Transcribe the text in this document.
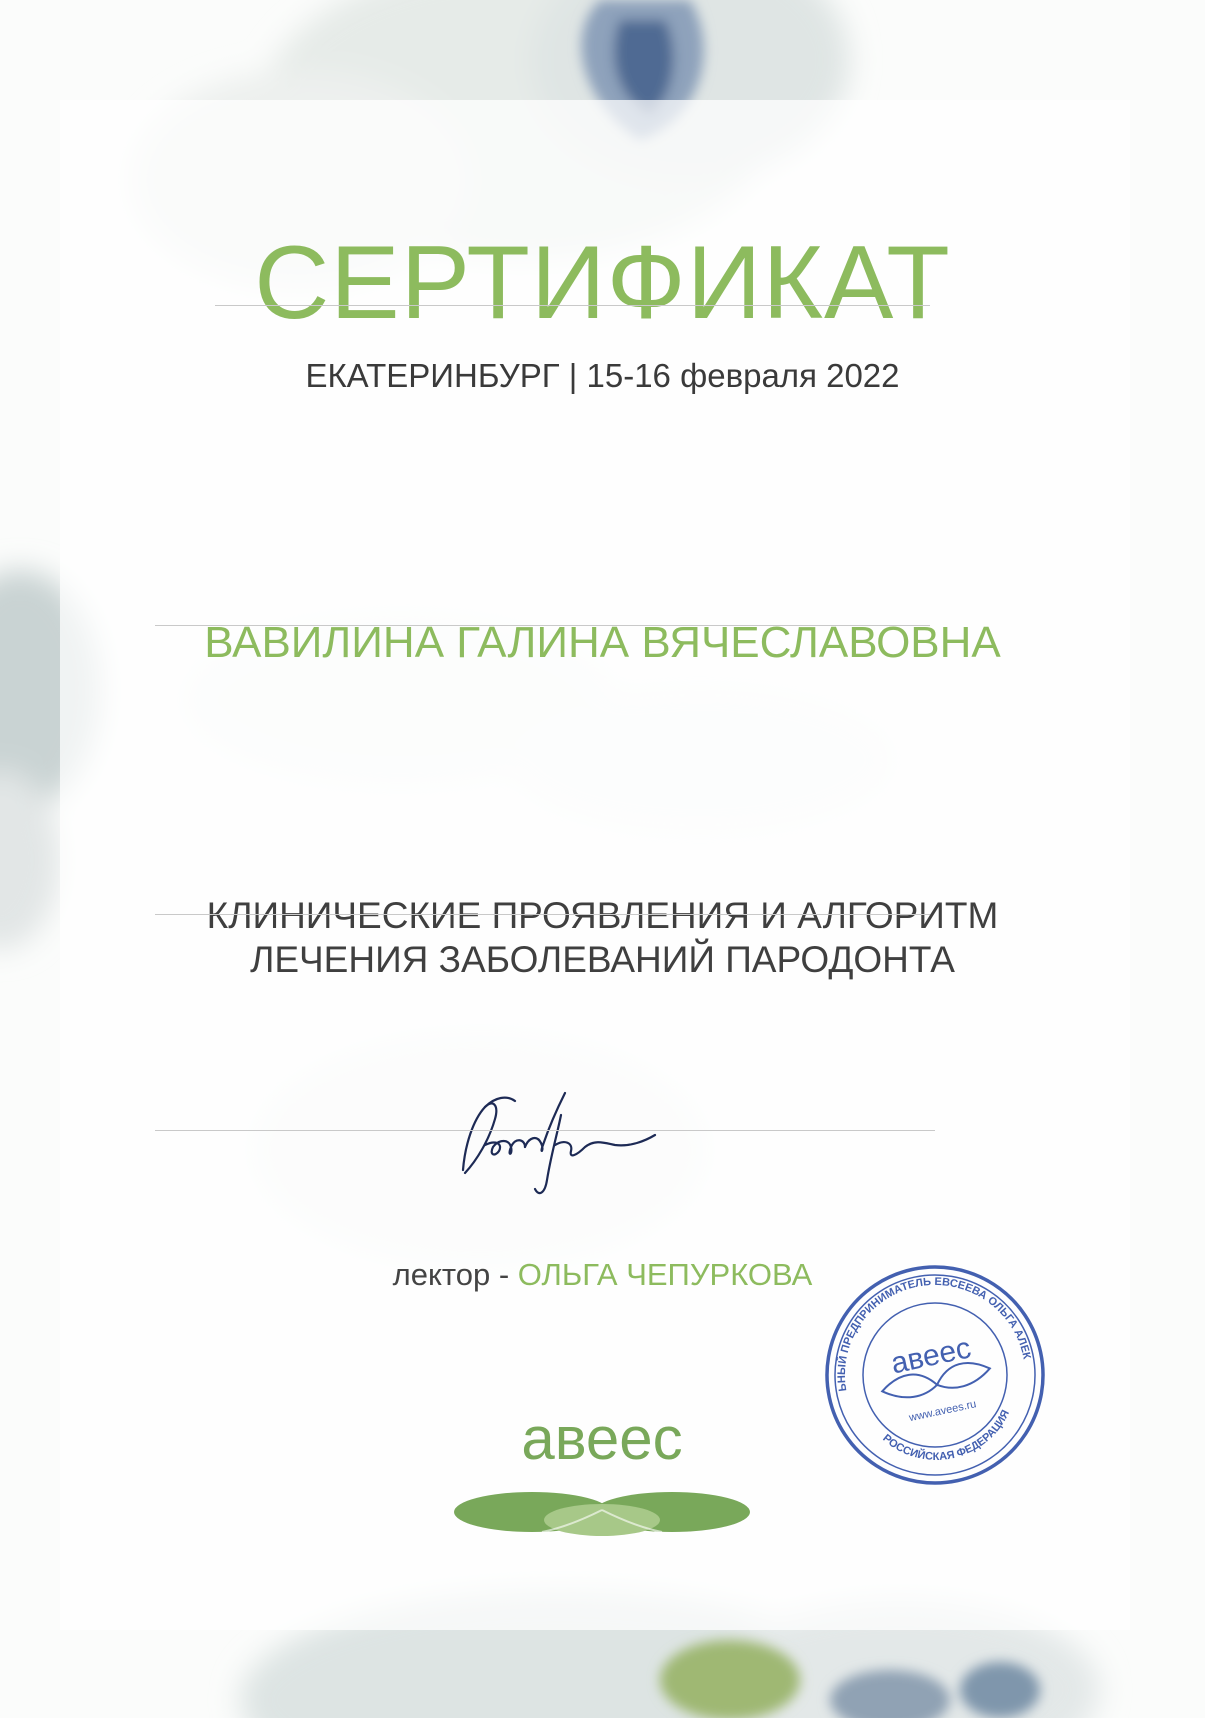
СЕРТИФИКАТ
ЕКАТЕРИНБУРГ | 15-16 февраля 2022
ВАВИЛИНА ГАЛИНА ВЯЧЕСЛАВОВНА
КЛИНИЧЕСКИЕ ПРОЯВЛЕНИЯ И АЛГОРИТМ
ЛЕЧЕНИЯ ЗАБОЛЕВАНИЙ ПАРОДОНТА
лектор - ОЛЬГА ЧЕПУРКОВА
ИНДИВИДУАЛЬНЫЙ ПРЕДПРИНИМАТЕЛЬ ЕВСЕЕВА ОЛЬГА АЛЕКСАНДРОВНА
РОССИЙСКАЯ ФЕДЕРАЦИЯ
авеес
www.avees.ru
авеес
